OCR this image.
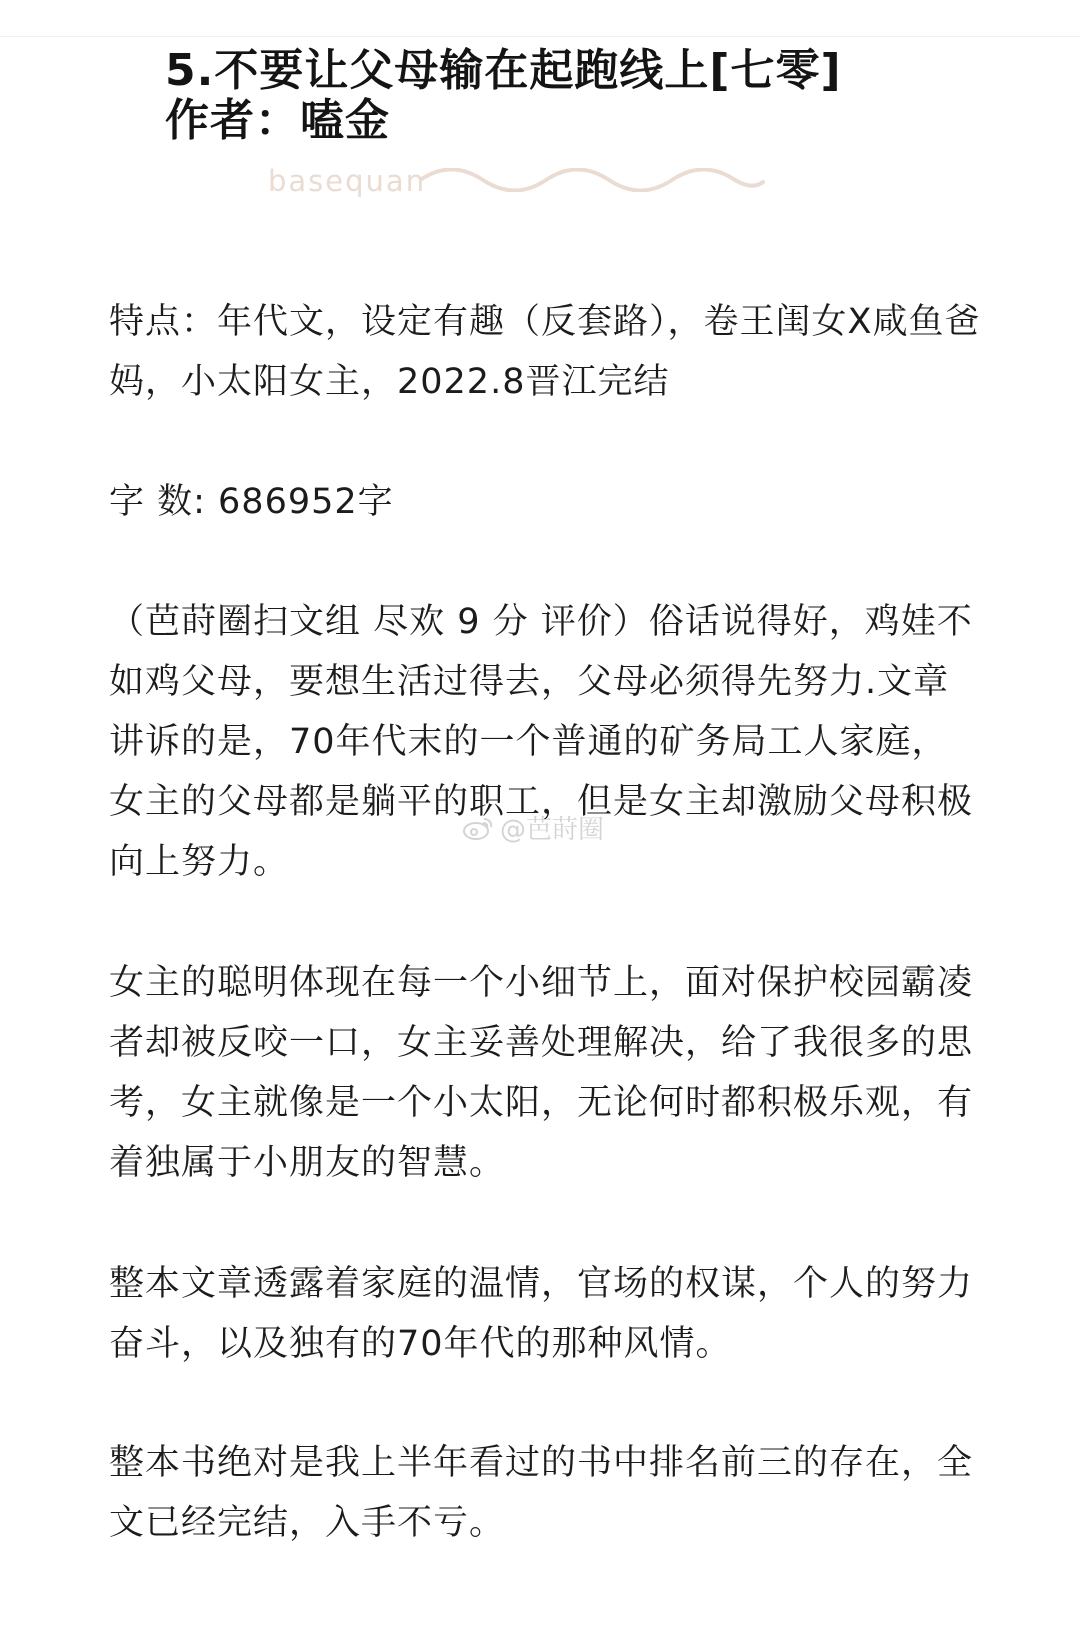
5.不要让父母输在起跑线上[七零]
作者：嗑金
basequan

特点：年代文，设定有趣（反套路），卷王闺女X咸鱼爸妈，小太阳女主，2022.8晋江完结

字 数: 686952字

（芭莳圈扫文组 尽欢 9 分 评价）俗话说得好，鸡娃不如鸡父母，要想生活过得去，父母必须得先努力.文章讲诉的是，70年代末的一个普通的矿务局工人家庭，女主的父母都是躺平的职工，但是女主却激励父母积极向上努力。

女主的聪明体现在每一个小细节上，面对保护校园霸凌者却被反咬一口，女主妥善处理解决，给了我很多的思考，女主就像是一个小太阳，无论何时都积极乐观，有着独属于小朋友的智慧。

整本文章透露着家庭的温情，官场的权谋，个人的努力奋斗，以及独有的70年代的那种风情。

整本书绝对是我上半年看过的书中排名前三的存在，全文已经完结，入手不亏。

@芭莳圈
